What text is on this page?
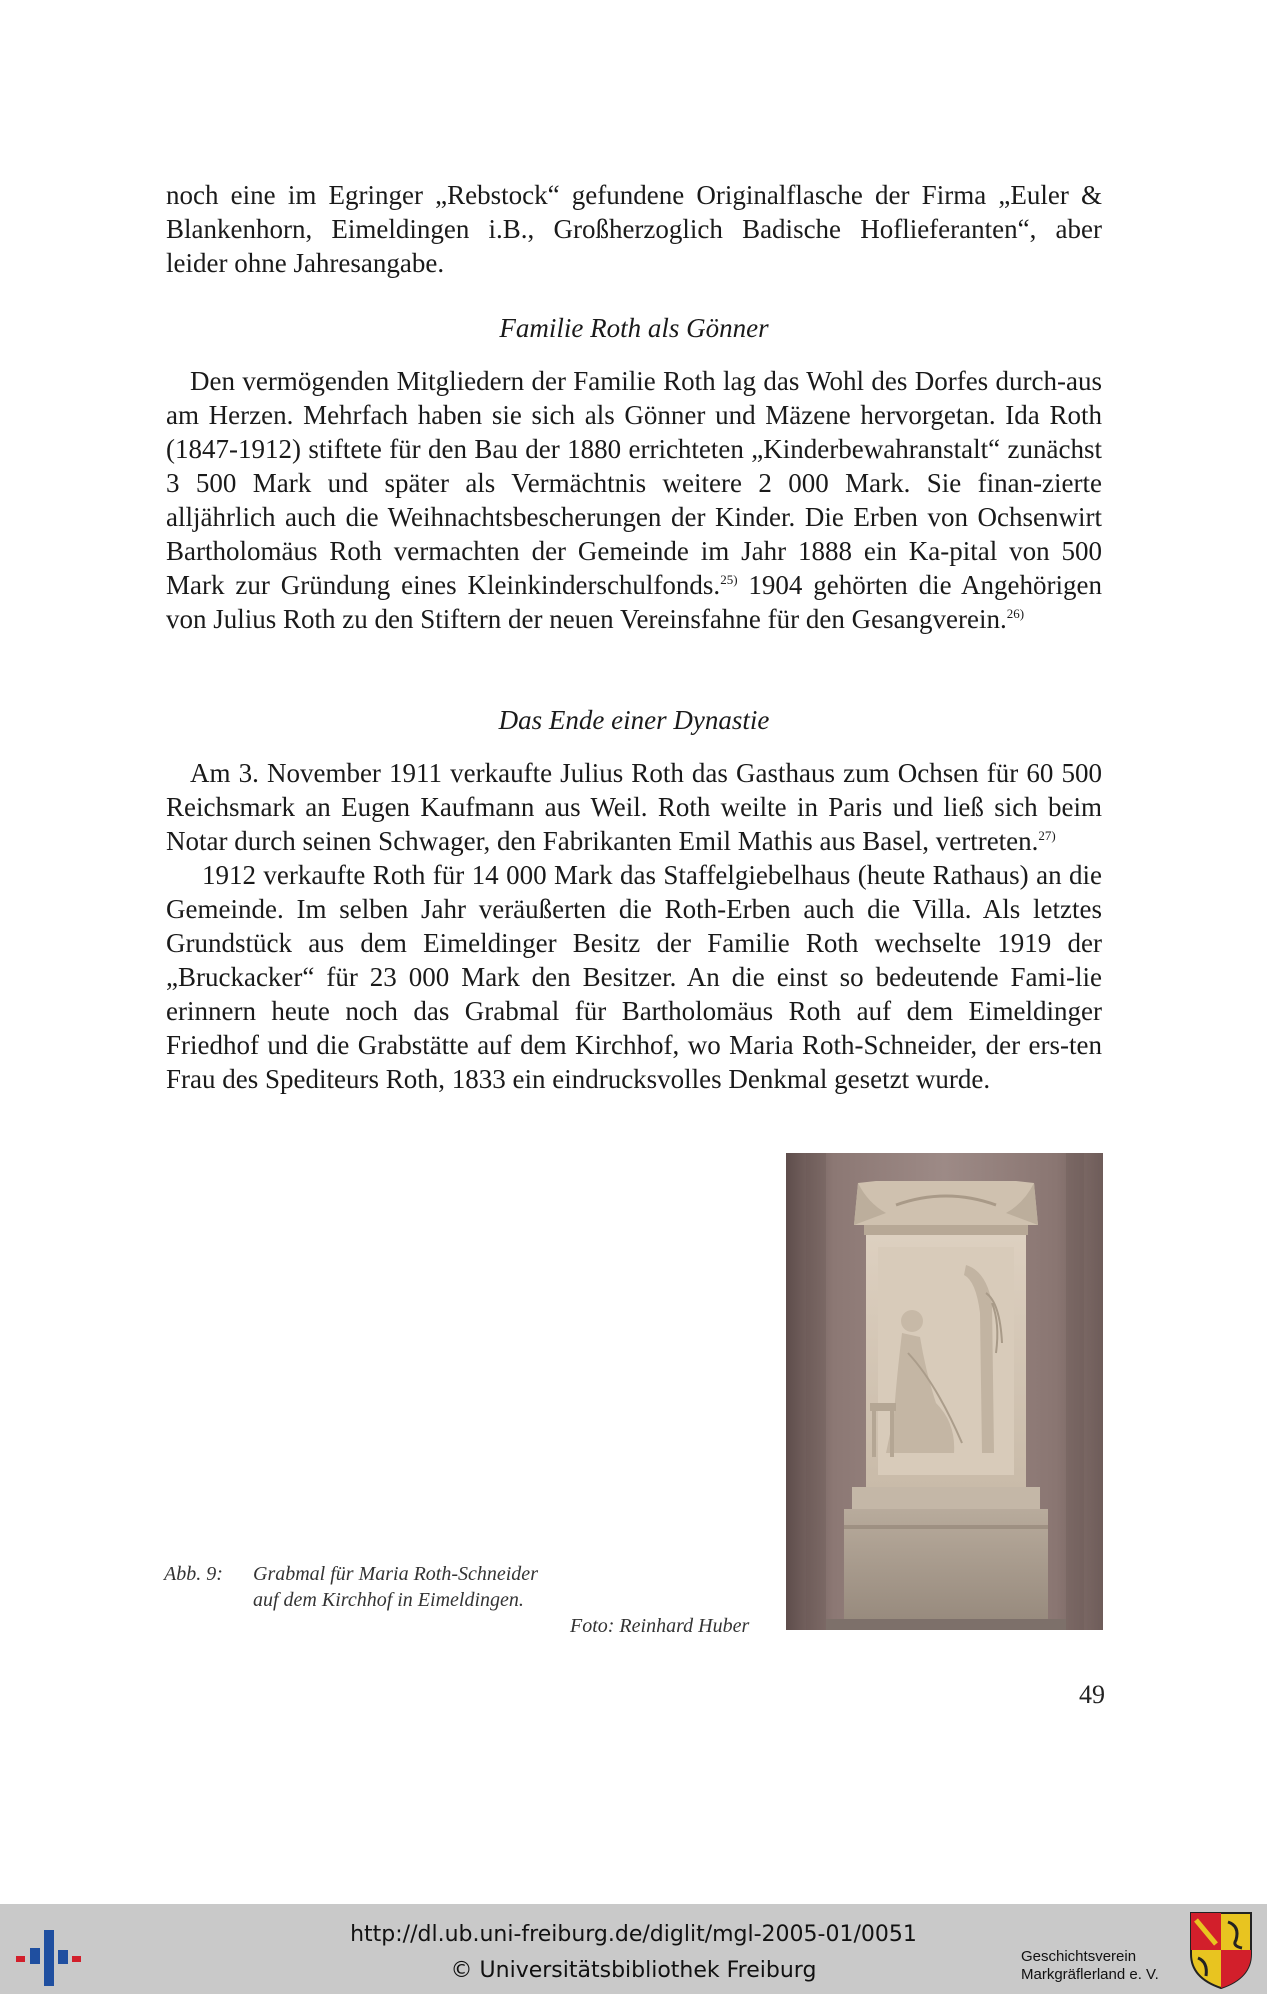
noch eine im Egringer „Rebstock“ gefundene Originalflasche der Firma „Euler &

Blankenhorn, Eimeldingen i.B., Großherzoglich Badische Hoflieferanten“, aber

leider ohne Jahresangabe.

Familie Roth als Gönner

Den vermögenden Mitgliedern der Familie Roth lag das Wohl des Dorfes durch-aus am Herzen. Mehrfach haben sie sich als Gönner und Mäzene hervorgetan. Ida Roth (1847-1912) stiftete für den Bau der 1880 errichteten „Kinderbewahranstalt“ zunächst 3 500 Mark und später als Vermächtnis weitere 2 000 Mark. Sie finan-zierte alljährlich auch die Weihnachtsbescherungen der Kinder. Die Erben von Ochsenwirt Bartholomäus Roth vermachten der Gemeinde im Jahr 1888 ein Ka-pital von 500 Mark zur Gründung eines Kleinkinderschulfonds.$^{25)}$ 1904 gehörten die Angehörigen von Julius Roth zu den Stiftern der neuen Vereinsfahne für den Gesangverein.$^{26)}$

Das Ende einer Dynastie

Am 3. November 1911 verkaufte Julius Roth das Gasthaus zum Ochsen für 60 500 Reichsmark an Eugen Kaufmann aus Weil. Roth weilte in Paris und ließ sich beim Notar durch seinen Schwager, den Fabrikanten Emil Mathis aus Basel, vertreten.$^{27)}$

1912 verkaufte Roth für 14 000 Mark das Staffelgiebelhaus (heute Rathaus) an die Gemeinde. Im selben Jahr veräußerten die Roth-Erben auch die Villa. Als letztes Grundstück aus dem Eimeldinger Besitz der Familie Roth wechselte 1919 der „Bruckacker“ für 23 000 Mark den Besitzer. An die einst so bedeutende Fami-lie erinnern heute noch das Grabmal für Bartholomäus Roth auf dem Eimeldinger Friedhof und die Grabstätte auf dem Kirchhof, wo Maria Roth-Schneider, der ers-ten Frau des Spediteurs Roth, 1833 ein eindrucksvolles Denkmal gesetzt wurde.

Abb. 9: Grabmal für Maria Roth-Schneider
auf dem Kirchhof in Eimeldingen.
Foto: Reinhard Huber
49
http://dl.ub.uni-freiburg.de/diglit/mgl-2005-01/0051
© Universitätsbibliothek Freiburg
Geschichtsverein
Markgräflerland e. V.
